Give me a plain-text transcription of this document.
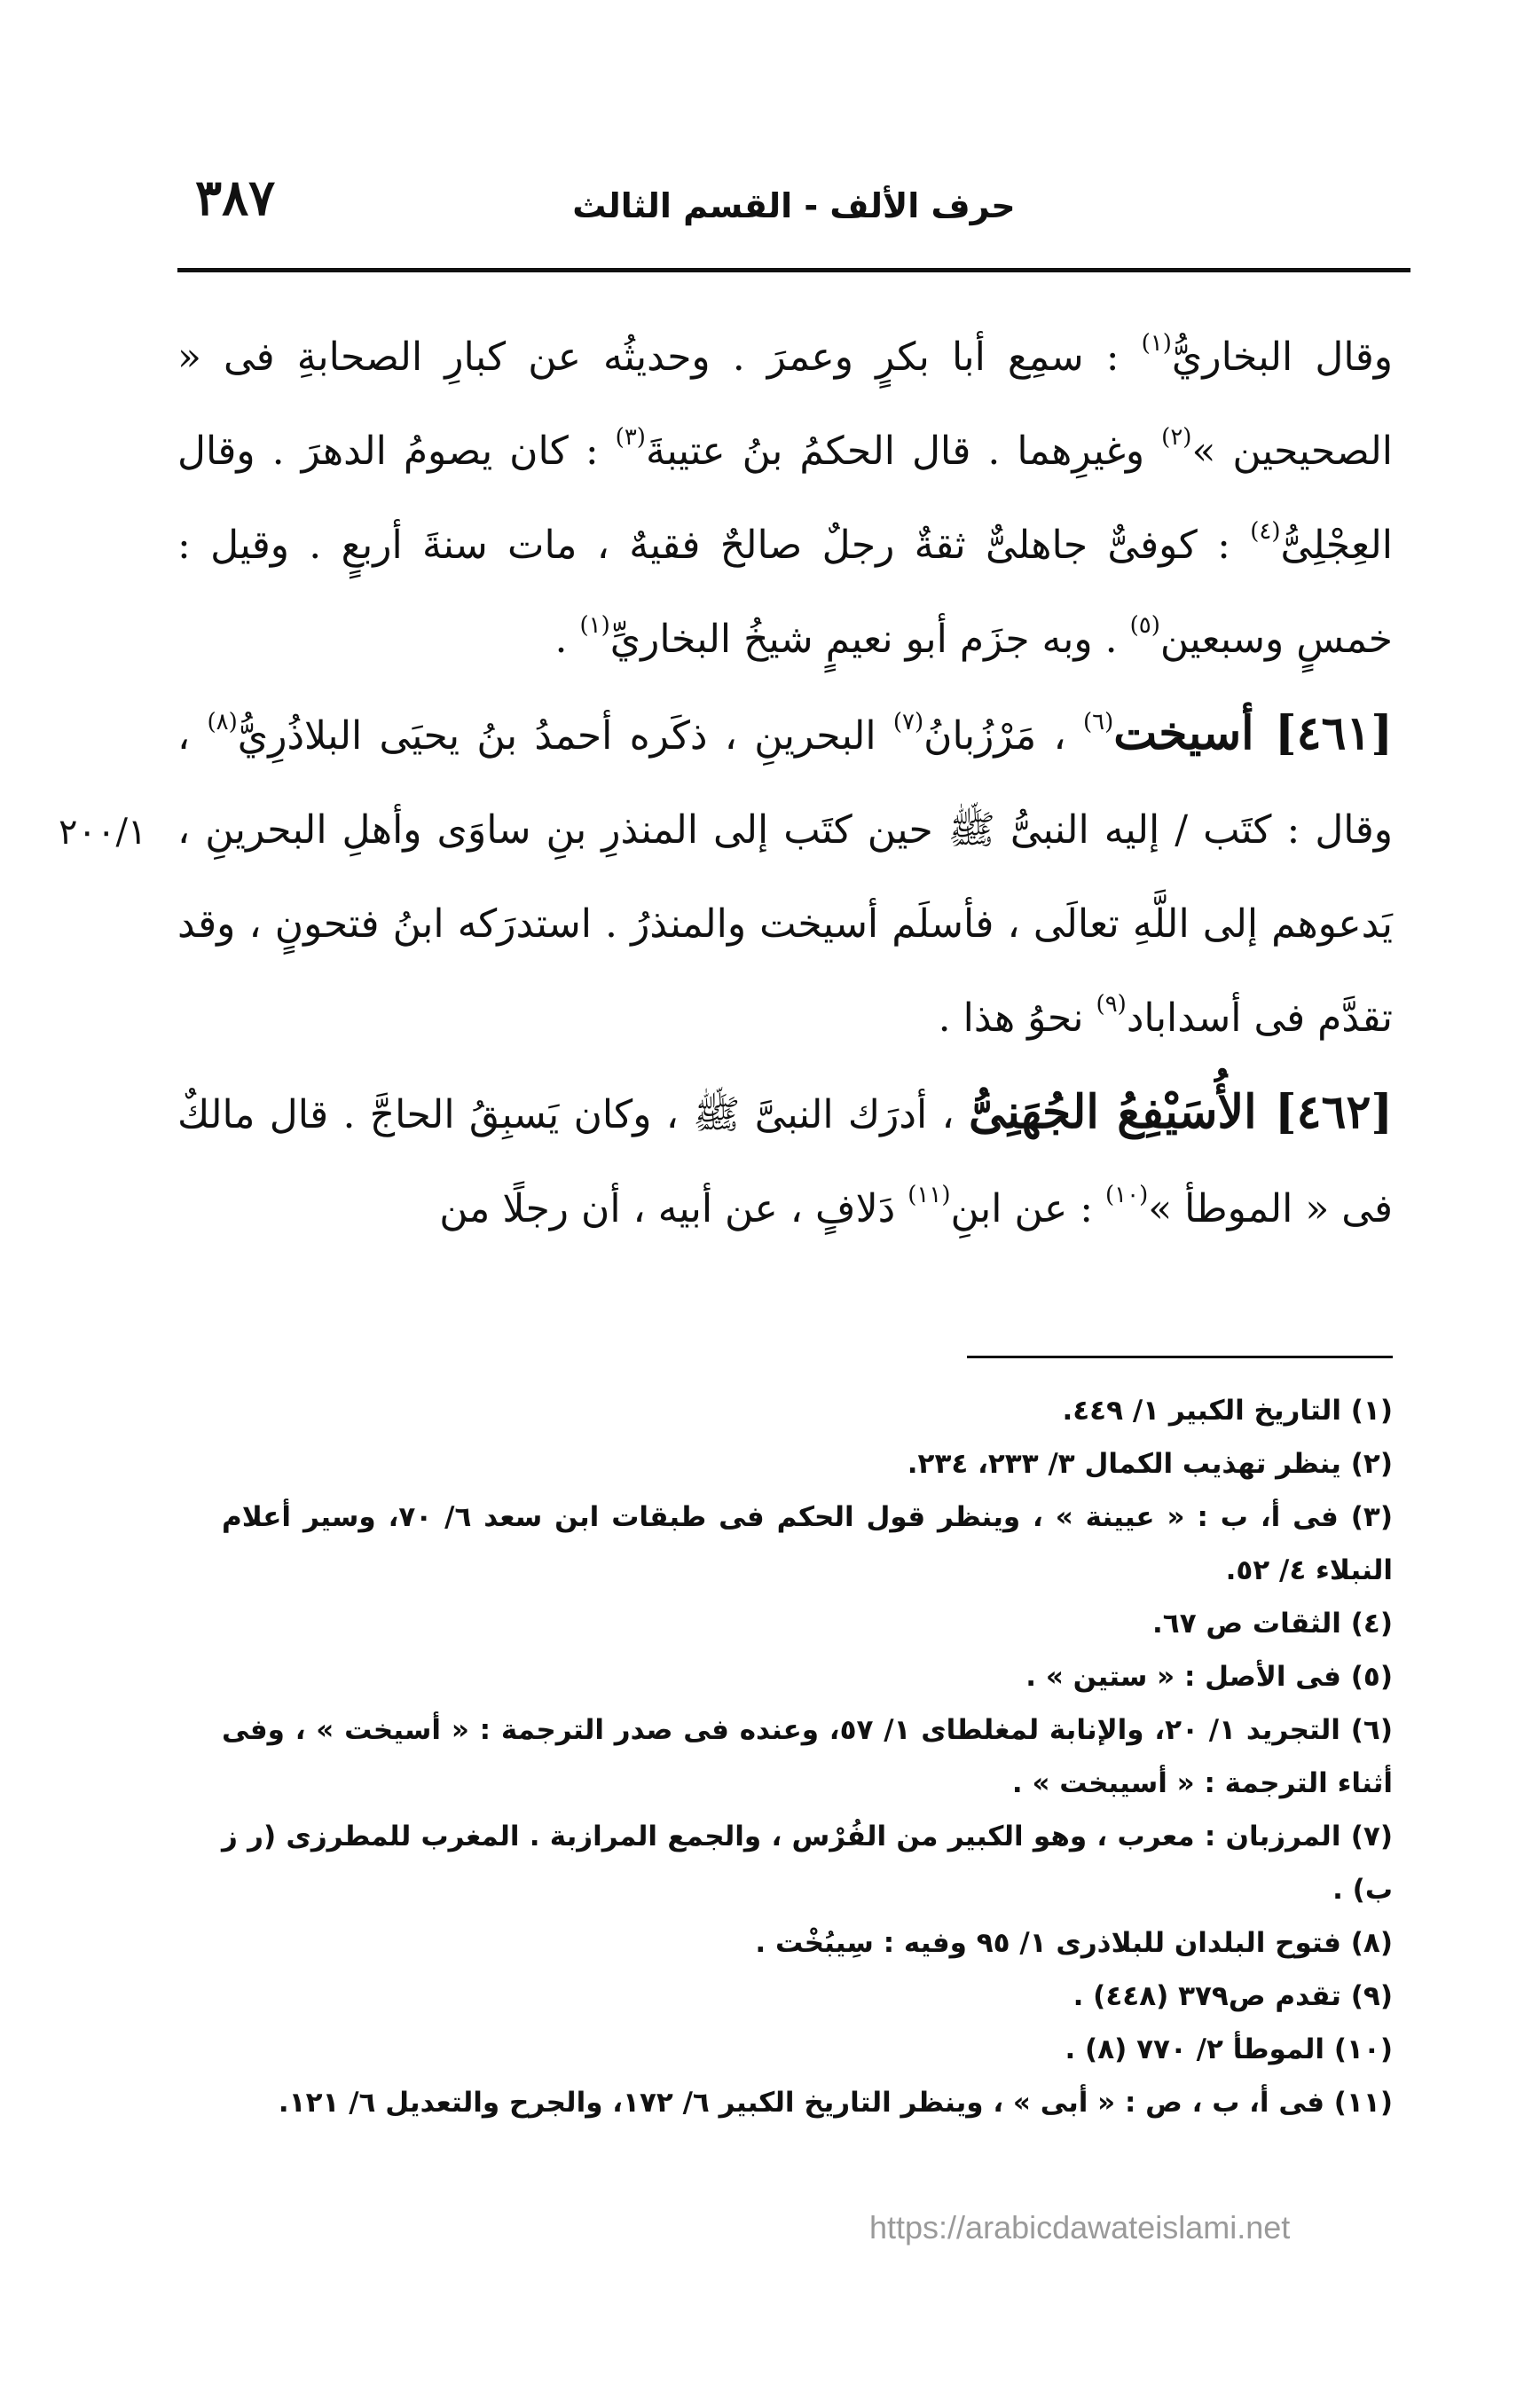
حرف الألف - القسم الثالث
٣٨٧
٢٠٠/١

وقال البخاريُّ$^{(١)}$ : سمِع أبا بكرٍ وعمرَ . وحديثُه عن كبارِ الصحابةِ فى « الصحيحين »$^{(٢)}$ وغيرِهما . قال الحكمُ بنُ عتيبةَ$^{(٣)}$ : كان يصومُ الدهرَ . وقال العِجْلِىُّ$^{(٤)}$ : كوفىٌّ جاهلىٌّ ثقةٌ رجلٌ صالحٌ فقيهٌ ، مات سنةَ أربعٍ . وقيل : خمسٍ وسبعين$^{(٥)}$ . وبه جزَم أبو نعيمٍ شيخُ البخاريِّ$^{(١)}$ .

[٤٦١] أسيخت$^{(٦)}$ ، مَرْزُبانُ$^{(٧)}$ البحرينِ ، ذكَره أحمدُ بنُ يحيَى البلاذُرِيُّ$^{(٨)}$ ، وقال : كتَب / إليه النبىُّ ﷺ حين كتَب إلى المنذرِ بنِ ساوَى وأهلِ البحرينِ ، يَدعوهم إلى اللَّهِ تعالَى ، فأسلَم أسيخت والمنذرُ . استدرَكه ابنُ فتحونٍ ، وقد تقدَّم فى أسداباد$^{(٩)}$ نحوُ هذا .

[٤٦٢] الأُسَيْفِعُ الجُهَنِىُّ ، أدرَك النبىَّ ﷺ ، وكان يَسبِقُ الحاجَّ . قال مالكٌ فى « الموطأ »$^{(١٠)}$ : عن ابنِ$^{(١١)}$ دَلافٍ ، عن أبيه ، أن رجلًا من

(١) التاريخ الكبير ١/ ٤٤٩.
(٢) ينظر تهذيب الكمال ٣/ ٢٣٣، ٢٣٤.
(٣) فى أ، ب : « عيينة » ، وينظر قول الحكم فى طبقات ابن سعد ٦/ ٧٠، وسير أعلام النبلاء ٤/ ٥٢.
(٤) الثقات ص ٦٧.
(٥) فى الأصل : « ستين » .
(٦) التجريد ١/ ٢٠، والإنابة لمغلطاى ١/ ٥٧، وعنده فى صدر الترجمة : « أسيخت » ، وفى أثناء الترجمة : « أسيبخت » .
(٧) المرزبان : معرب ، وهو الكبير من الفُرْس ، والجمع المرازبة . المغرب للمطرزى (ر ز ب) .
(٨) فتوح البلدان للبلاذرى ١/ ٩٥ وفيه : سِيبُخْت .
(٩) تقدم ص٣٧٩ (٤٤٨) .
(١٠) الموطأ ٢/ ٧٧٠ (٨) .
(١١) فى أ، ب ، ص : « أبى » ، وينظر التاريخ الكبير ٦/ ١٧٢، والجرح والتعديل ٦/ ١٢١.
https://arabicdawateislami.net
